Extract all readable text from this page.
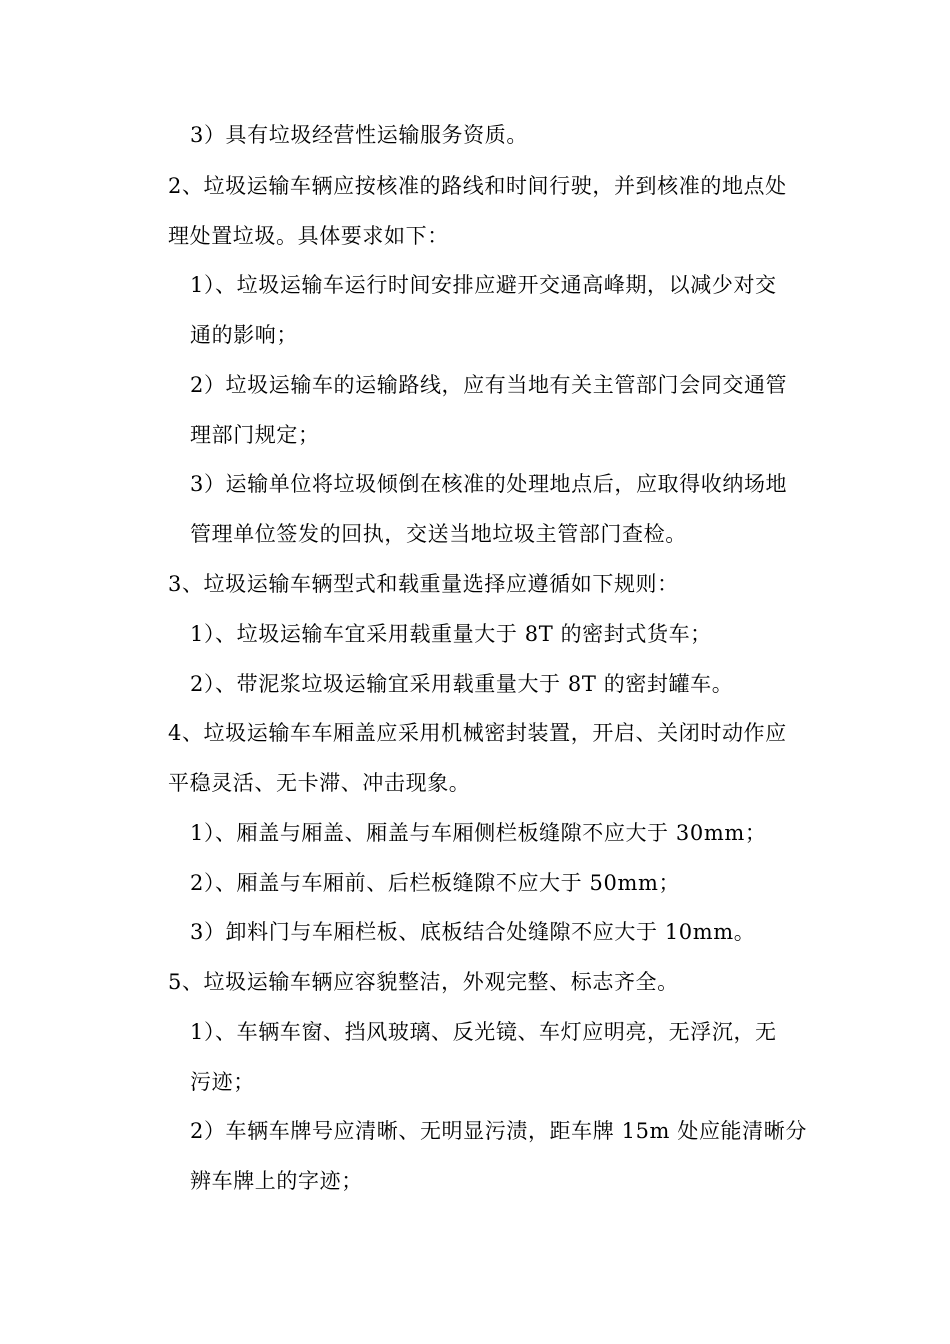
3）具有垃圾经营性运输服务资质。
2、垃圾运输车辆应按核准的路线和时间行驶，并到核准的地点处
理处置垃圾。具体要求如下：
1）、垃圾运输车运行时间安排应避开交通高峰期，以减少对交
通的影响；
2）垃圾运输车的运输路线，应有当地有关主管部门会同交通管
理部门规定；
3）运输单位将垃圾倾倒在核准的处理地点后，应取得收纳场地
管理单位签发的回执，交送当地垃圾主管部门查检。
3、垃圾运输车辆型式和载重量选择应遵循如下规则：
1）、垃圾运输车宜采用载重量大于 8T 的密封式货车；
2）、带泥浆垃圾运输宜采用载重量大于 8T 的密封罐车。
4、垃圾运输车车厢盖应采用机械密封装置，开启、关闭时动作应
平稳灵活、无卡滞、冲击现象。
1）、厢盖与厢盖、厢盖与车厢侧栏板缝隙不应大于 30mm；
2）、厢盖与车厢前、后栏板缝隙不应大于 50mm；
3）卸料门与车厢栏板、底板结合处缝隙不应大于 10mm。
5、垃圾运输车辆应容貌整洁，外观完整、标志齐全。
1）、车辆车窗、挡风玻璃、反光镜、车灯应明亮，无浮沉，无
污迹；
2）车辆车牌号应清晰、无明显污渍，距车牌 15m 处应能清晰分
辨车牌上的字迹；
